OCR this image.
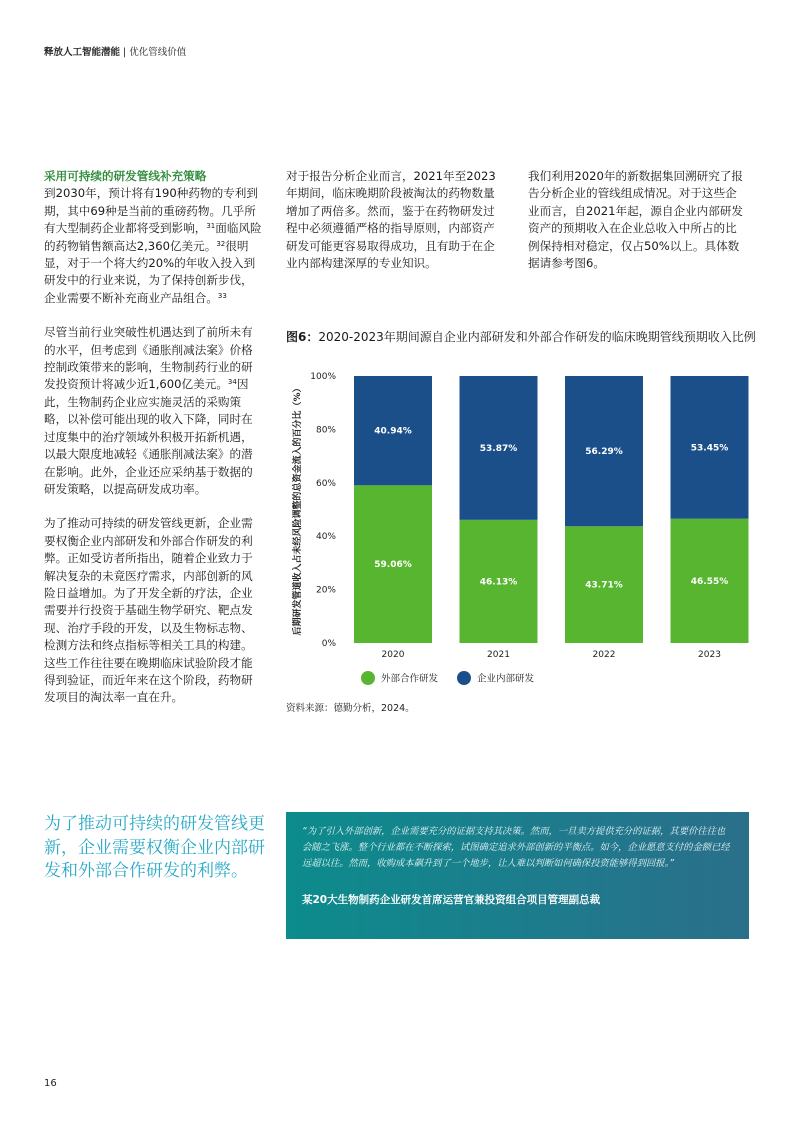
释放人工智能潜能 | 优化管线价值

采用可持续的研发管线补充策略

到2030年，预计将有190种药物的专利到期，其中69种是当前的重磅药物。几乎所有大型制药企业都将受到影响，$^{31}$面临风险的药物销售额高达2,360亿美元。$^{32}$很明显，对于一个将大约20%的年收入投入到研发中的行业来说，为了保持创新步伐，企业需要不断补充商业产品组合。$^{33}$

尽管当前行业突破性机遇达到了前所未有的水平，但考虑到《通胀削减法案》价格控制政策带来的影响，生物制药行业的研发投资预计将减少近1,600亿美元。$^{34}$因此，生物制药企业应实施灵活的采购策略，以补偿可能出现的收入下降，同时在过度集中的治疗领域外积极开拓新机遇，以最大限度地减轻《通胀削减法案》的潜在影响。此外，企业还应采纳基于数据的研发策略，以提高研发成功率。

为了推动可持续的研发管线更新，企业需要权衡企业内部研发和外部合作研发的利弊。正如受访者所指出，随着企业致力于解决复杂的未竟医疗需求，内部创新的风险日益增加。为了开发全新的疗法，企业需要并行投资于基础生物学研究、靶点发现、治疗手段的开发，以及生物标志物、检测方法和终点指标等相关工具的构建。这些工作往往要在晚期临床试验阶段才能得到验证，而近年来在这个阶段，药物研发项目的淘汰率一直在升。

对于报告分析企业而言，2021年至2023年期间，临床晚期阶段被淘汰的药物数量增加了两倍多。然而，鉴于在药物研发过程中必须遵循严格的指导原则，内部资产研发可能更容易取得成功，且有助于在企业内部构建深厚的专业知识。

我们利用2020年的新数据集回溯研究了报告分析企业的管线组成情况。对于这些企业而言，自2021年起，源自企业内部研发资产的预期收入在企业总收入中所占的比例保持相对稳定，仅占50%以上。具体数据请参考图6。

为了推动可持续的研发管线更新，企业需要权衡企业内部研发和外部合作研发的利弊。
图6：2020-2023年期间源自企业内部研发和外部合作研发的临床晚期管线预期收入比例
后期研发管道收入占未经风险调整的总资金流入的百分比（%）
0%
20%
40%
60%
80%
100%
59.06%
40.94%
2020
46.13%
53.87%
2021
43.71%
56.29%
2022
46.55%
53.45%
2023
外部合作研发	企业内部研发
资料来源：德勤分析，2024。
“为了引入外部创新，企业需要充分的证据支持其决策。然而，一旦卖方提供充分的证据，其要价往往也会随之飞涨。整个行业都在不断探索，试图确定追求外部创新的平衡点。如今，企业愿意支付的金额已经远超以往。然而，收购成本飙升到了一个地步，让人难以判断如何确保投资能够得到回报。”
某20大生物制药企业研发首席运营官兼投资组合项目管理副总裁
16
